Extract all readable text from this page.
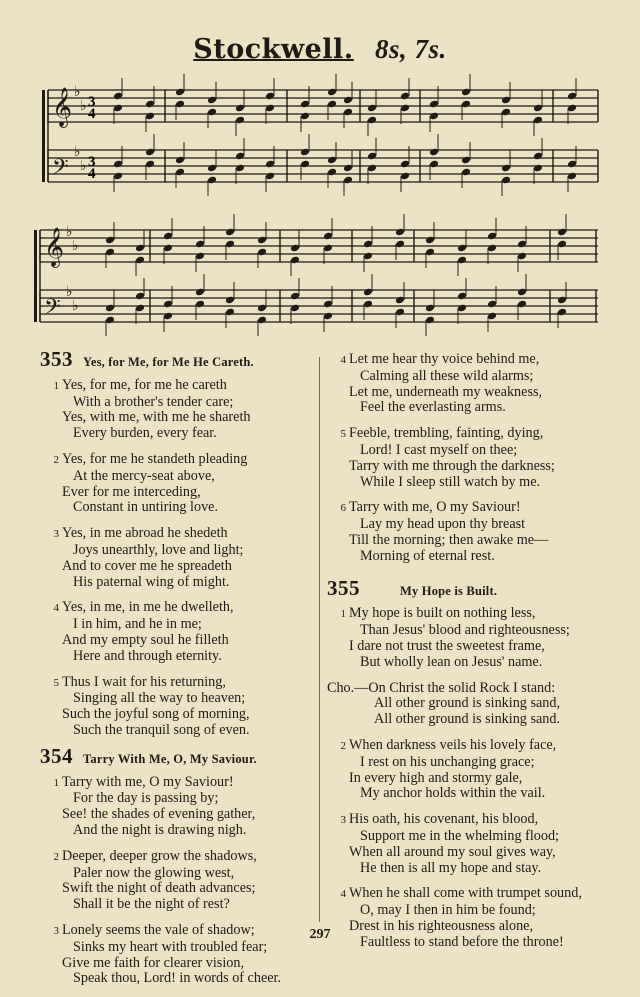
Stockwell. 8s, 7s.
𝄞
𝄢
𝄞
𝄢
♭
♭
♭
♭
♭
♭
♭
♭
3
4
3
4
353 Yes, for Me, for Me He Careth.
1 Yes, for me, for me he careth
With a brother's tender care;
Yes, with me, with me he shareth
Every burden, every fear.
2 Yes, for me he standeth pleading
At the mercy-seat above,
Ever for me interceding,
Constant in untiring love.
3 Yes, in me abroad he shedeth
Joys unearthly, love and light;
And to cover me he spreadeth
His paternal wing of might.
4 Yes, in me, in me he dwelleth,
I in him, and he in me;
And my empty soul he filleth
Here and through eternity.
5 Thus I wait for his returning,
Singing all the way to heaven;
Such the joyful song of morning,
Such the tranquil song of even.
354 Tarry With Me, O, My Saviour.
1 Tarry with me, O my Saviour!
For the day is passing by;
See! the shades of evening gather,
And the night is drawing nigh.
2 Deeper, deeper grow the shadows,
Paler now the glowing west,
Swift the night of death advances;
Shall it be the night of rest?
3 Lonely seems the vale of shadow;
Sinks my heart with troubled fear;
Give me faith for clearer vision,
Speak thou, Lord! in words of cheer.
4 Let me hear thy voice behind me,
Calming all these wild alarms;
Let me, underneath my weakness,
Feel the everlasting arms.
5 Feeble, trembling, fainting, dying,
Lord! I cast myself on thee;
Tarry with me through the darkness;
While I sleep still watch by me.
6 Tarry with me, O my Saviour!
Lay my head upon thy breast
Till the morning; then awake me—
Morning of eternal rest.
355	My Hope is Built.
1 My hope is built on nothing less,
Than Jesus' blood and righteousness;
I dare not trust the sweetest frame,
But wholly lean on Jesus' name.
Cho.—On Christ the solid Rock I stand:
All other ground is sinking sand,
All other ground is sinking sand.
2 When darkness veils his lovely face,
I rest on his unchanging grace;
In every high and stormy gale,
My anchor holds within the vail.
3 His oath, his covenant, his blood,
Support me in the whelming flood;
When all around my soul gives way,
He then is all my hope and stay.
4 When he shall come with trumpet sound,
O, may I then in him be found;
Drest in his righteousness alone,
Faultless to stand before the throne!
297
